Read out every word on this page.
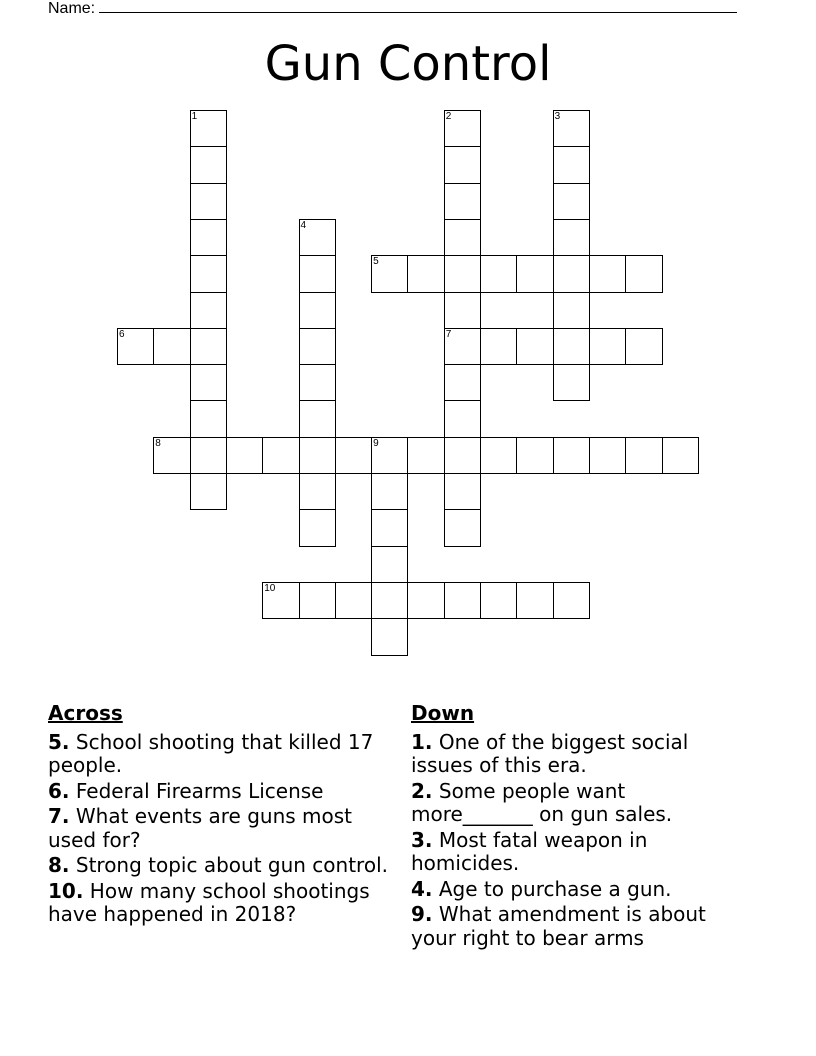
Name:
Gun Control
1	2
7
3
4
5
6
8	9
10
Across
5. School shooting that killed 17 people.
6. Federal Firearms License
7. What events are guns most used for?
8. Strong topic about gun control.
10. How many school shootings have happened in 2018?
Down
1. One of the biggest social issues of this era.
2. Some people want more_______ on gun sales.
3. Most fatal weapon in homicides.
4. Age to purchase a gun.
9. What amendment is about your right to bear arms
